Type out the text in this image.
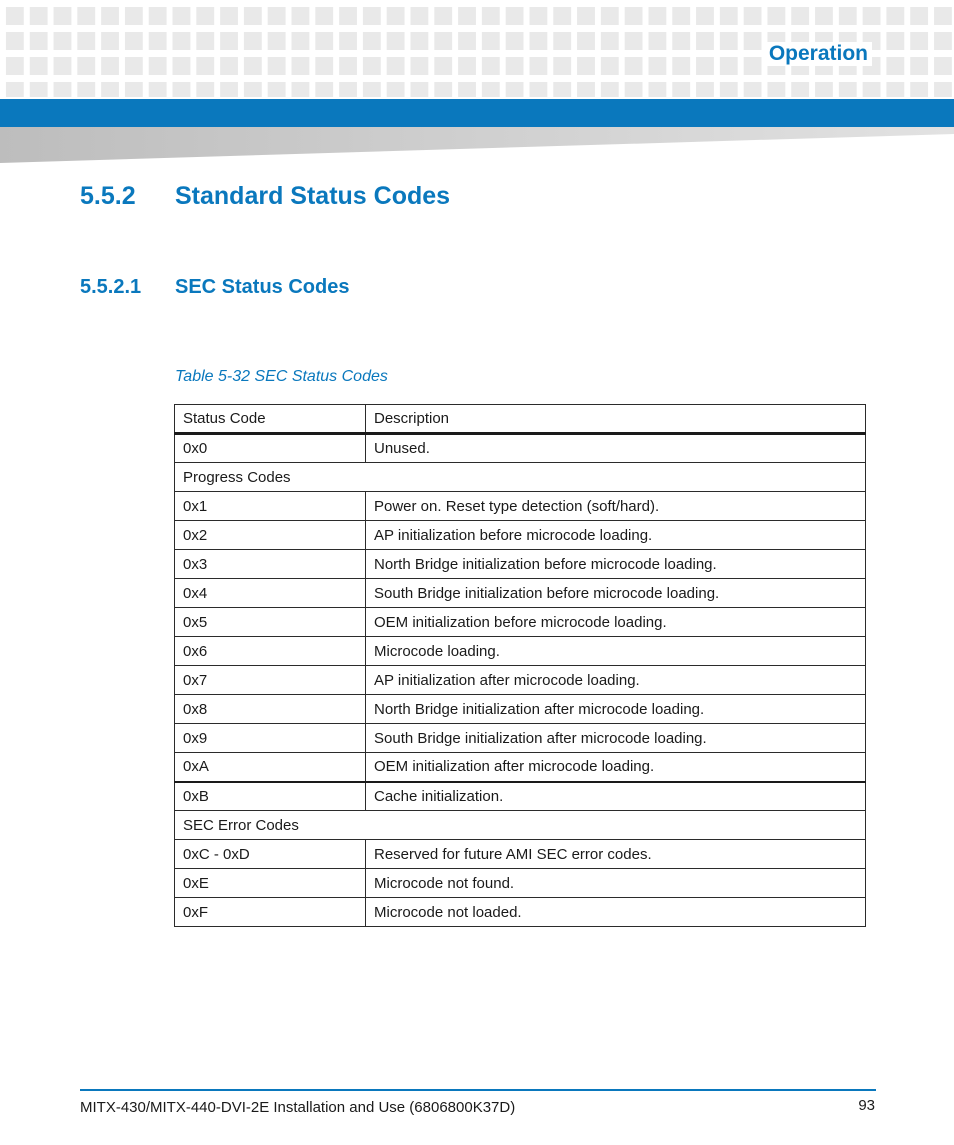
Operation
5.5.2	Standard Status Codes
5.5.2.1	SEC Status Codes
Table 5-32 SEC Status Codes
Status Code	Description
0x0	Unused.
Progress Codes	
0x1	Power on. Reset type detection (soft/hard).
0x2	AP initialization before microcode loading.
0x3	North Bridge initialization before microcode loading.
0x4	South Bridge initialization before microcode loading.
0x5	OEM initialization before microcode loading.
0x6	Microcode loading.
0x7	AP initialization after microcode loading.
0x8	North Bridge initialization after microcode loading.
0x9	South Bridge initialization after microcode loading.
0xA	OEM initialization after microcode loading.
0xB	Cache initialization.
SEC Error Codes	
0xC - 0xD	Reserved for future AMI SEC error codes.
0xE	Microcode not found.
0xF	Microcode not loaded.
MITX-430/MITX-440-DVI-2E Installation and Use (6806800K37D)	93
